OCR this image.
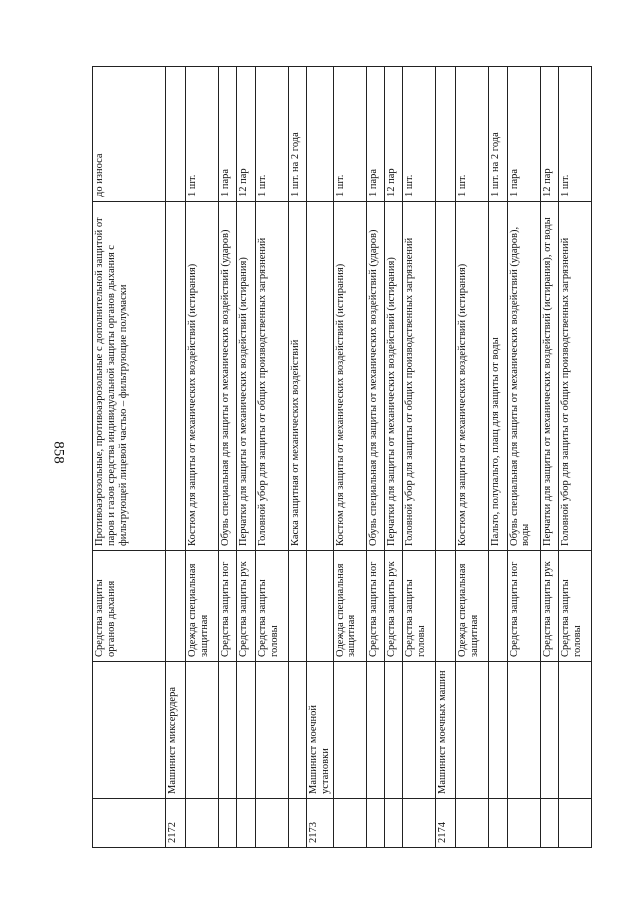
858
		Средства защиты органов дыхания	Противоаэрозольные, противоаэрозольные с дополнительной защитой от паров и газов средства индивидуальной защиты органов дыхания с фильтрующей лицевой частью – фильтрующие полумаски	до износа
2172	Машинист миксерудера			
		Одежда специальная защитная	Костюм для защиты от механических воздействий (истирания)	1 шт.
		Средства защиты ног	Обувь специальная для защиты от механических воздействий (ударов)	1 пара
		Средства защиты рук	Перчатки для защиты от механических воздействий (истирания)	12 пар
		Средства защиты головы	Головной убор для защиты от общих производственных загрязнений	1 шт.
			Каска защитная от механических воздействий	1 шт. на 2 года
2173	Машинист моечной установки			
		Одежда специальная защитная	Костюм для защиты от механических воздействий (истирания)	1 шт.
		Средства защиты ног	Обувь специальная для защиты от механических воздействий (ударов)	1 пара
		Средства защиты рук	Перчатки для защиты от механических воздействий (истирания)	12 пар
		Средства защиты головы	Головной убор для защиты от общих производственных загрязнений	1 шт.
2174	Машинист моечных машин			
		Одежда специальная защитная	Костюм для защиты от механических воздействий (истирания)	1 шт.
			Пальто, полупальто, плащ для защиты от воды	1 шт. на 2 года
		Средства защиты ног	Обувь специальная для защиты от механических воздействий (ударов), воды	1 пара
		Средства защиты рук	Перчатки для защиты от механических воздействий (истирания), от воды	12 пар
		Средства защиты головы	Головной убор для защиты от общих производственных загрязнений	1 шт.
